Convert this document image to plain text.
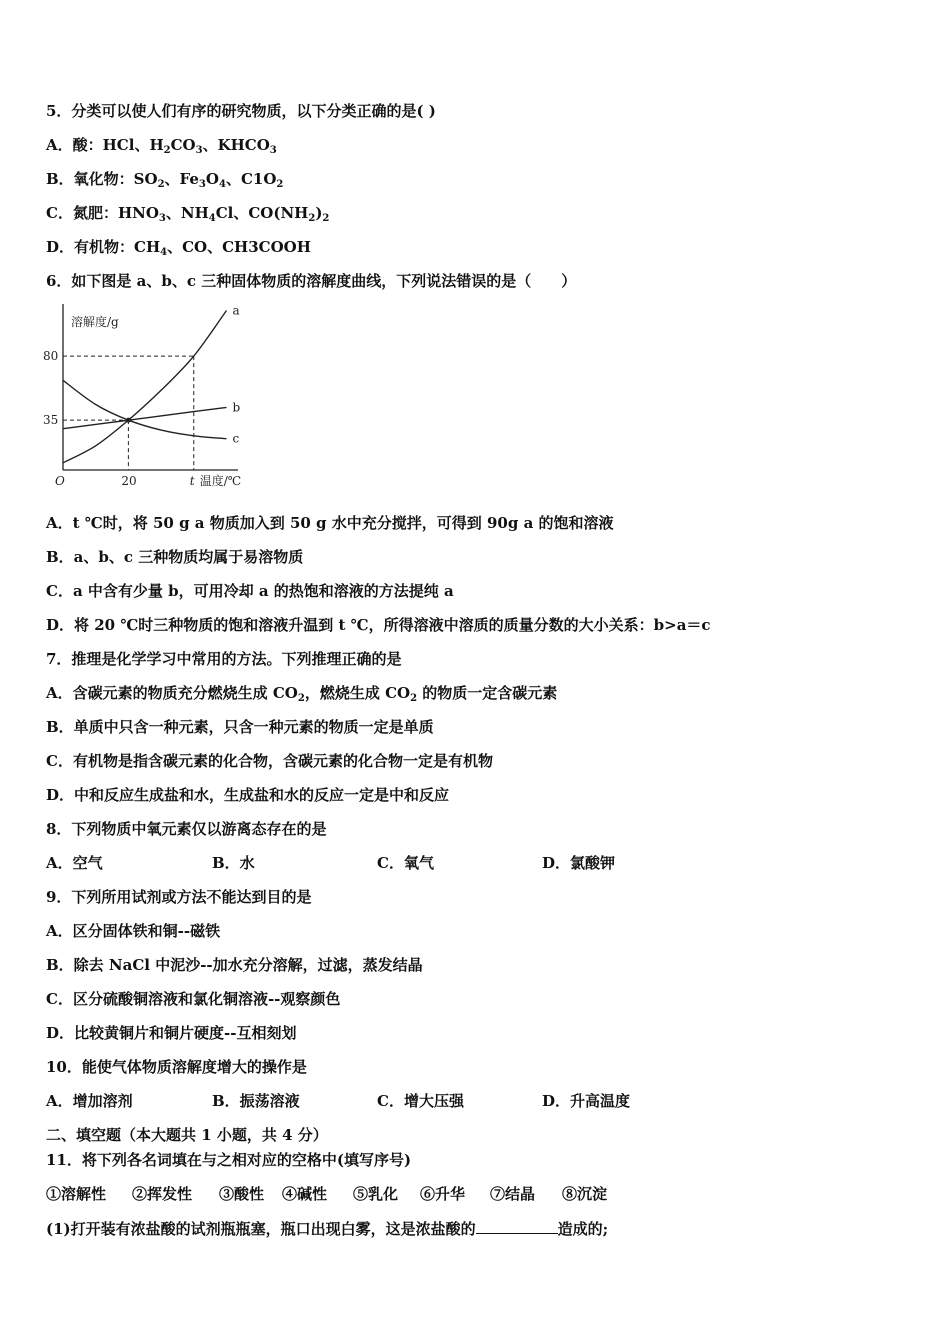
5．分类可以使人们有序的研究物质，以下分类正确的是( )
A．酸：HCl、$H_2CO_3$、$KHCO_3$
B．氧化物：$SO_2$、$Fe_3O_4$、$C1O_2$
C．氮肥：$HNO_3$、$NH_4Cl$、$CO(NH_2)_2$
D．有机物：$CH_4$、CO、CH3COOH
6．如下图是 a、b、c 三种固体物质的溶解度曲线，下列说法错误的是（　　）
a
b
c
溶解度/g
温度/℃
O	20	t
35
80
A．t ℃时，将 50 g a 物质加入到 50 g 水中充分搅拌，可得到 90g a 的饱和溶液
B．a、b、c 三种物质均属于易溶物质
C．a 中含有少量 b，可用冷却 a 的热饱和溶液的方法提纯 a
D．将 20 ℃时三种物质的饱和溶液升温到 t ℃，所得溶液中溶质的质量分数的大小关系：b>a＝c
7．推理是化学学习中常用的方法。下列推理正确的是
A．含碳元素的物质充分燃烧生成 $CO_2$，燃烧生成 $CO_2$ 的物质一定含碳元素
B．单质中只含一种元素，只含一种元素的物质一定是单质
C．有机物是指含碳元素的化合物，含碳元素的化合物一定是有机物
D．中和反应生成盐和水，生成盐和水的反应一定是中和反应
8．下列物质中氧元素仅以游离态存在的是
A．空气	B．水	C．氧气	D．氯酸钾
9．下列所用试剂或方法不能达到目的是
A．区分固体铁和铜--磁铁
B．除去 NaCl 中泥沙--加水充分溶解，过滤，蒸发结晶
C．区分硫酸铜溶液和氯化铜溶液--观察颜色
D．比较黄铜片和铜片硬度--互相刻划
10．能使气体物质溶解度增大的操作是
A．增加溶剂	B．振荡溶液	C．增大压强	D．升高温度
二、填空题（本大题共 1 小题，共 4 分）
11．将下列各名词填在与之相对应的空格中(填写序号)
①溶解性 ②挥发性 ③酸性 ④碱性 ⑤乳化 ⑥升华 ⑦结晶 ⑧沉淀
(1)打开装有浓盐酸的试剂瓶瓶塞，瓶口出现白雾，这是浓盐酸的	造成的;
